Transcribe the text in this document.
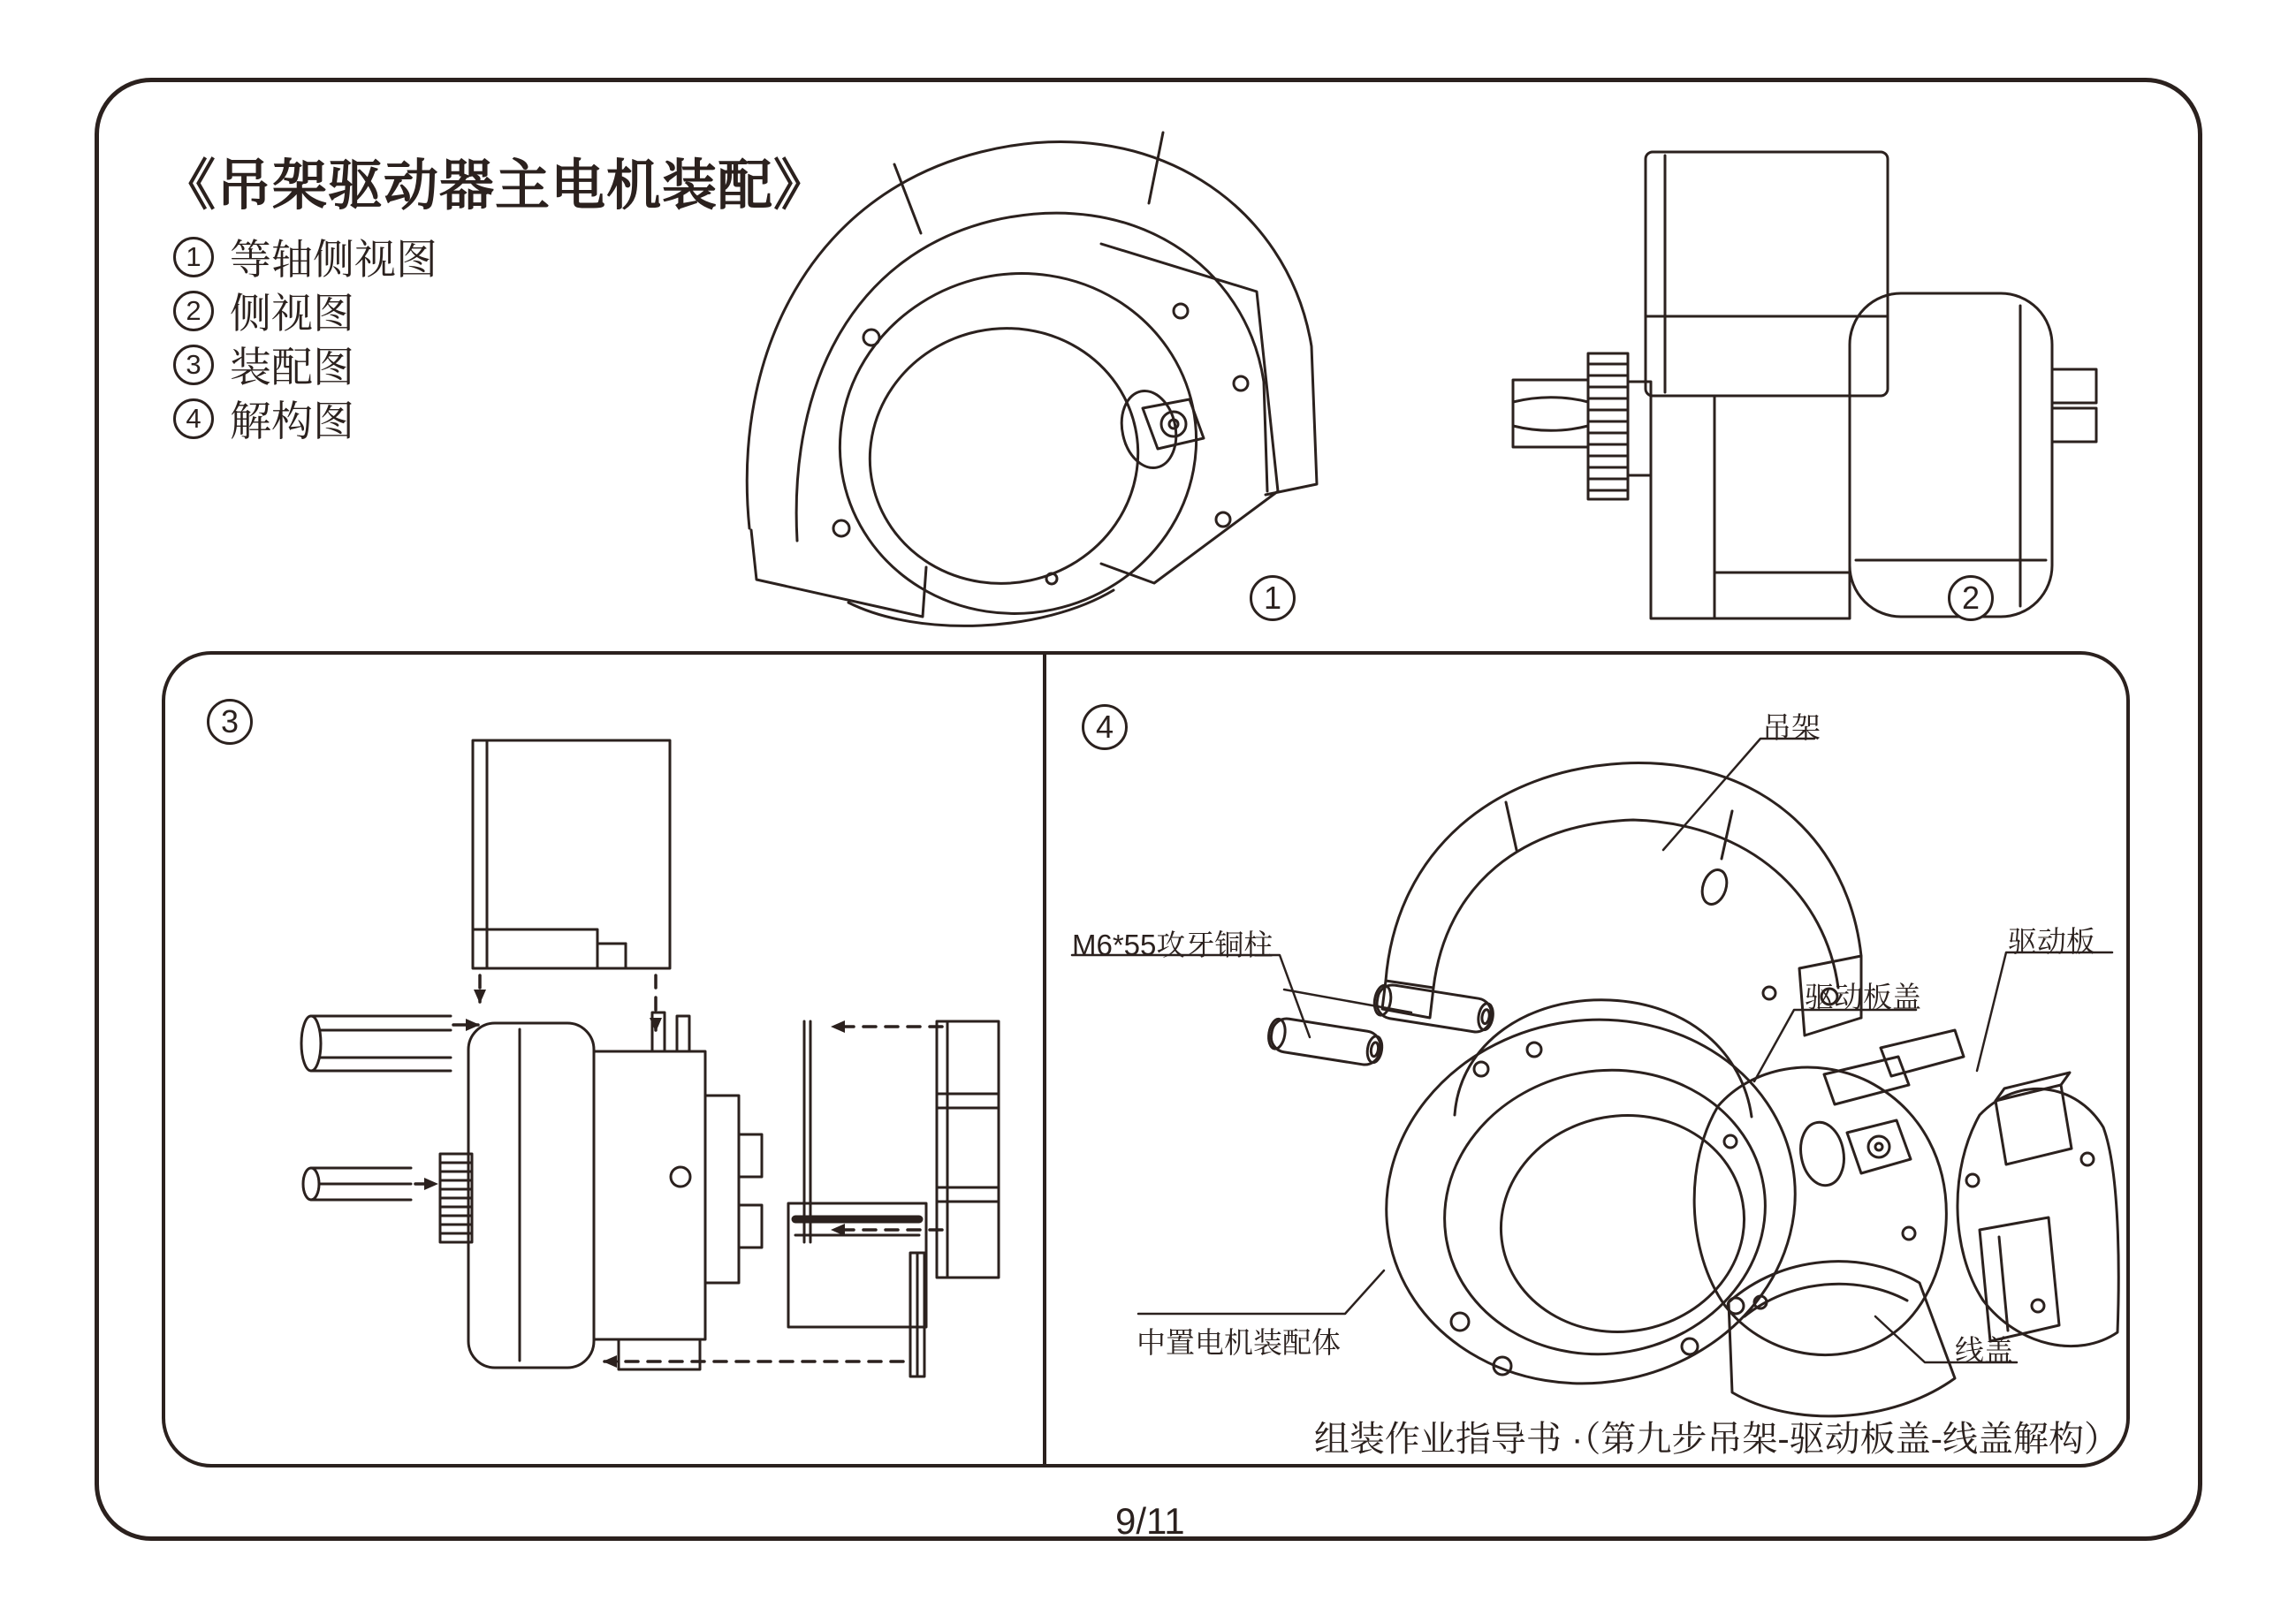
《吊架驱动器主电机装配》
1 等轴侧视图
2 侧视图
3 装配图
4 解构图
1	2
3	4	吊架
M6*55攻牙铜柱
驱动板盖
驱动板
中置电机装配体	线盖
组装作业指导书 ·（第九步吊架-驱动板盖-线盖解构）
9/11
